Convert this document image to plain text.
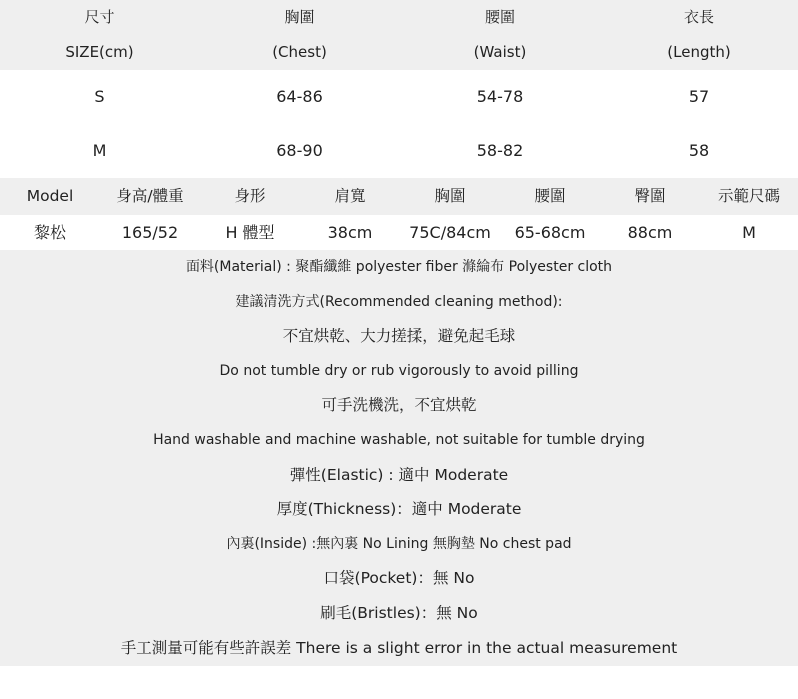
尺寸	胸圍	腰圍	衣長
SIZE(cm)	(Chest)	(Waist)	(Length)
S	64-86	54-78	57
M	68-90	58-82	58
Model	身高/體重	身形	肩寬	胸圍	腰圍	臀圍	示範尺碼
黎松	165/52	H 體型	38cm	75C/84cm	65-68cm	88cm	M
面料(Material) : 聚酯纖維 polyester fiber 滌綸布 Polyester cloth
建議清洗方式(Recommended cleaning method):
不宜烘乾、大力搓揉，避免起毛球
Do not tumble dry or rub vigorously to avoid pilling
可手洗機洗，不宜烘乾
Hand washable and machine washable, not suitable for tumble drying
彈性(Elastic) : 適中 Moderate
厚度(Thickness)：適中 Moderate
內裏(Inside) :無內裏 No Lining 無胸墊 No chest pad
口袋(Pocket)：無 No
刷毛(Bristles)：無 No
手工測量可能有些許誤差 There is a slight error in the actual measurement
